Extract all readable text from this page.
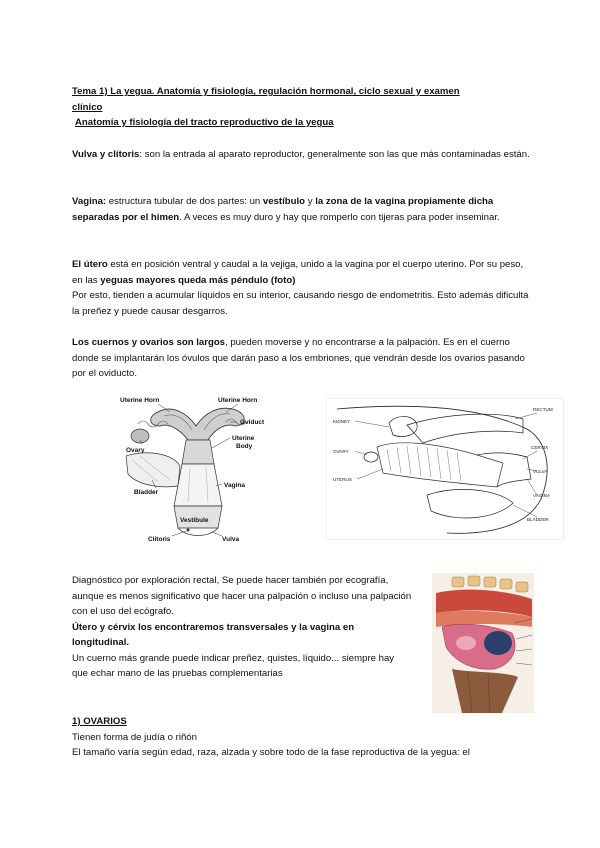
Tema 1) La yegua. Anatomía y fisiología, regulación hormonal, ciclo sexual y examen

clínico

Anatomía y fisiología del tracto reproductivo de la yegua

Vulva y clítoris: son la entrada al aparato reproductor, generalmente son las que más contaminadas están.

Vagina: estructura tubular de dos partes: un vestíbulo y la zona de la vagina propiamente dicha separadas por el himen. A veces es muy duro y hay que romperlo con tijeras para poder inseminar.

El útero está en posición ventral y caudal a la vejiga, unido a la vagina por el cuerpo uterino. Por su peso, en las yeguas mayores queda más péndulo (foto)

Por esto, tienden a acumular líquidos en su interior, causando riesgo de endometritis. Esto además dificulta la preñez y puede causar desgarros.

Los cuernos y ovarios son largos, pueden moverse y no encontrarse a la palpación. Es en el cuerno donde se implantarán los óvulos que darán paso a los embriones, que vendrán desde los ovarios pasando por el oviducto.

Uterine Horn	Uterine Horn
Oviduct
Ovary
Uterine
Body
Bladder
Vagina
Vestibule
Clitoris	Vulva
KIDNEY
OVARY
UTERUS
RECTUM
CERVIX
VULVA
VAGINA
BLADDER

Diagnóstico por exploración rectal, Se puede hacer también por ecografía, aunque es menos significativo que hacer una palpación o incluso una palpación con el uso del ecógrafo.

Útero y cérvix los encontraremos transversales y la vagina en longitudinal.

Un cuerno más grande puede indicar preñez, quistes, líquido... siempre hay que echar mano de las pruebas complementarias

1) OVARIOS

Tienen forma de judía o riñón

El tamaño varía según edad, raza, alzada y sobre todo de la fase reproductiva de la yegua: el
